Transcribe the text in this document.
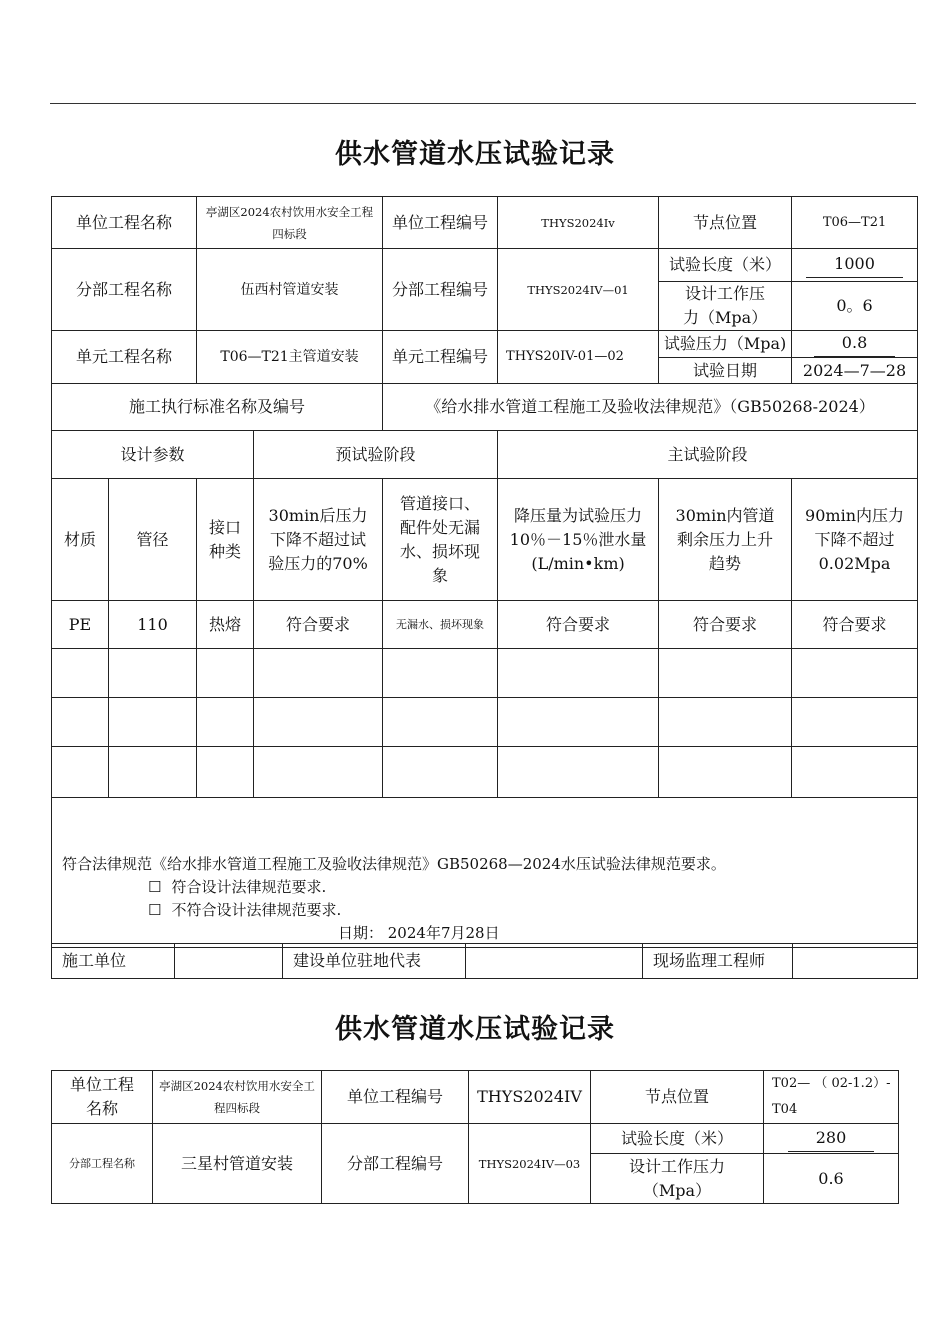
供水管道水压试验记录
单位工程名称		亭湖区2024农村饮用水安全工程四标段		单位工程编号	THYS2024Iv	节点位置	T06—T21
分部工程名称		伍西村管道安装		分部工程编号	THYS2024IV—01	试验长度（米）	1000
						设计工作压力（Mpa）	0。6
单元工程名称		T06—T21主管道安装		单元工程编号	THYS20IV-01—02	试验压力（Mpa)	0.8
						试验日期	2024—7—28
施工执行标准名称及编号				《给水排水管道工程施工及验收法律规范》（GB50268-2024）			
设计参数			预试验阶段		主试验阶段		
材质	管径	接口种类	30min后压力下降不超过试验压力的70%	管道接口、配件处无漏水、损坏现象	降压量为试验压力10％－15％泄水量(L/min•km)	30min内管道剩余压力上升趋势	90min内压力下降不超过0.02Mpa
PE	110	热熔	符合要求	无漏水、损坏现象	符合要求	符合要求	符合要求

符合法律规范《给水排水管道工程施工及验收法律规范》GB50268—2024水压试验法律规范要求。
☐ 符合设计法律规范要求.
☐ 不符合设计法律规范要求.
日期： 2024年7月28日							
施工单位		建设单位驻地代表		现场监理工程师	
供水管道水压试验记录
单位工程名称	亭湖区2024农村饮用水安全工程四标段	单位工程编号	THYS2024IV	节点位置	T02— （ 02-1.2）-T04
分部工程名称	三星村管道安装	分部工程编号	THYS2024IV—03	试验长度（米）	280
				设计工作压力（Mpa）	0.6
